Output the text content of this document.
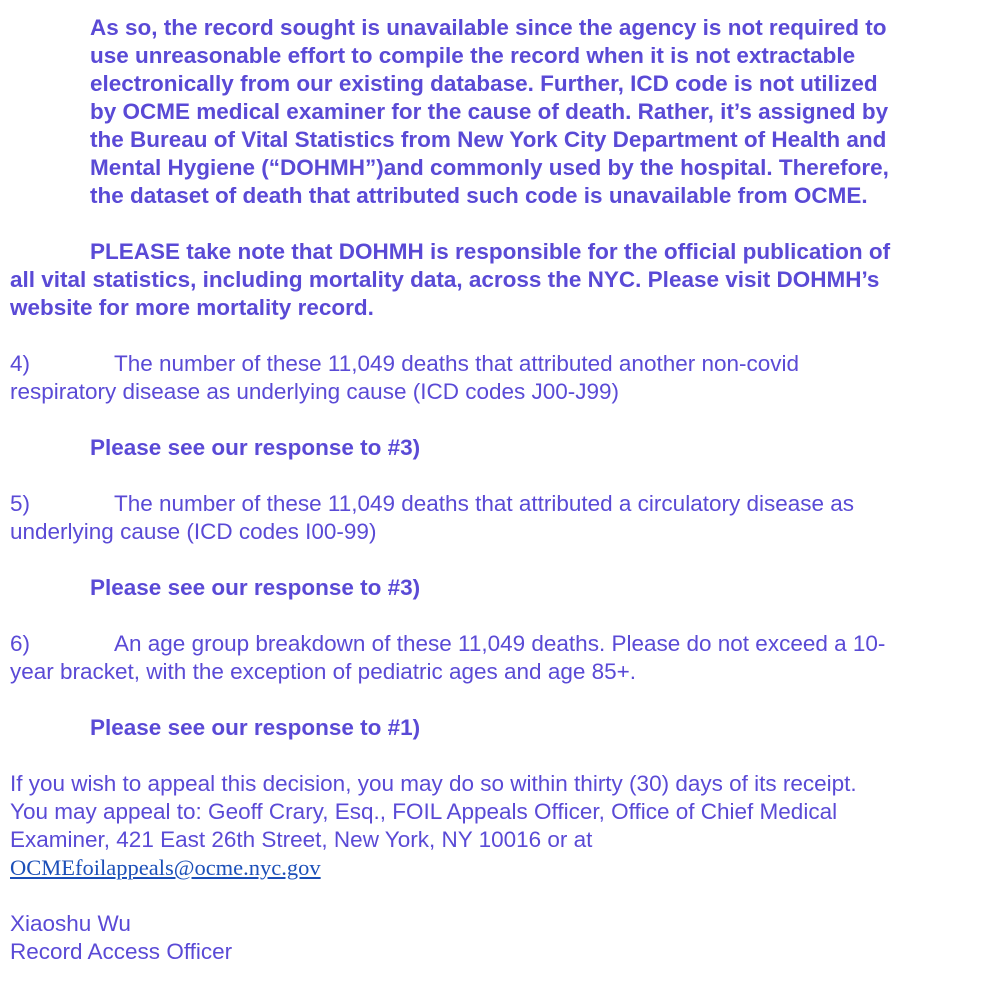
As so, the record sought is unavailable since the agency is not required to

use unreasonable effort to compile the record when it is not extractable

electronically from our existing database. Further, ICD code is not utilized

by OCME medical examiner for the cause of death. Rather, it’s assigned by

the Bureau of Vital Statistics from New York City Department of Health and

Mental Hygiene (“DOHMH”)and commonly used by the hospital. Therefore,

the dataset of death that attributed such code is unavailable from OCME.

PLEASE take note that DOHMH is responsible for the official publication of

all vital statistics, including mortality data, across the NYC. Please visit DOHMH’s

website for more mortality record.

4)	The number of these 11,049 deaths that attributed another non-covid

respiratory disease as underlying cause (ICD codes J00-J99)

Please see our response to #3)

5)	The number of these 11,049 deaths that attributed a circulatory disease as

underlying cause (ICD codes I00-99)

Please see our response to #3)

6)	An age group breakdown of these 11,049 deaths. Please do not exceed a 10-

year bracket, with the exception of pediatric ages and age 85+.

Please see our response to #1)

If you wish to appeal this decision, you may do so within thirty (30) days of its receipt.

You may appeal to: Geoff Crary, Esq., FOIL Appeals Officer, Office of Chief Medical

Examiner, 421 East 26th Street, New York, NY 10016 or at

OCMEfoilappeals@ocme.nyc.gov

Xiaoshu Wu

Record Access Officer
